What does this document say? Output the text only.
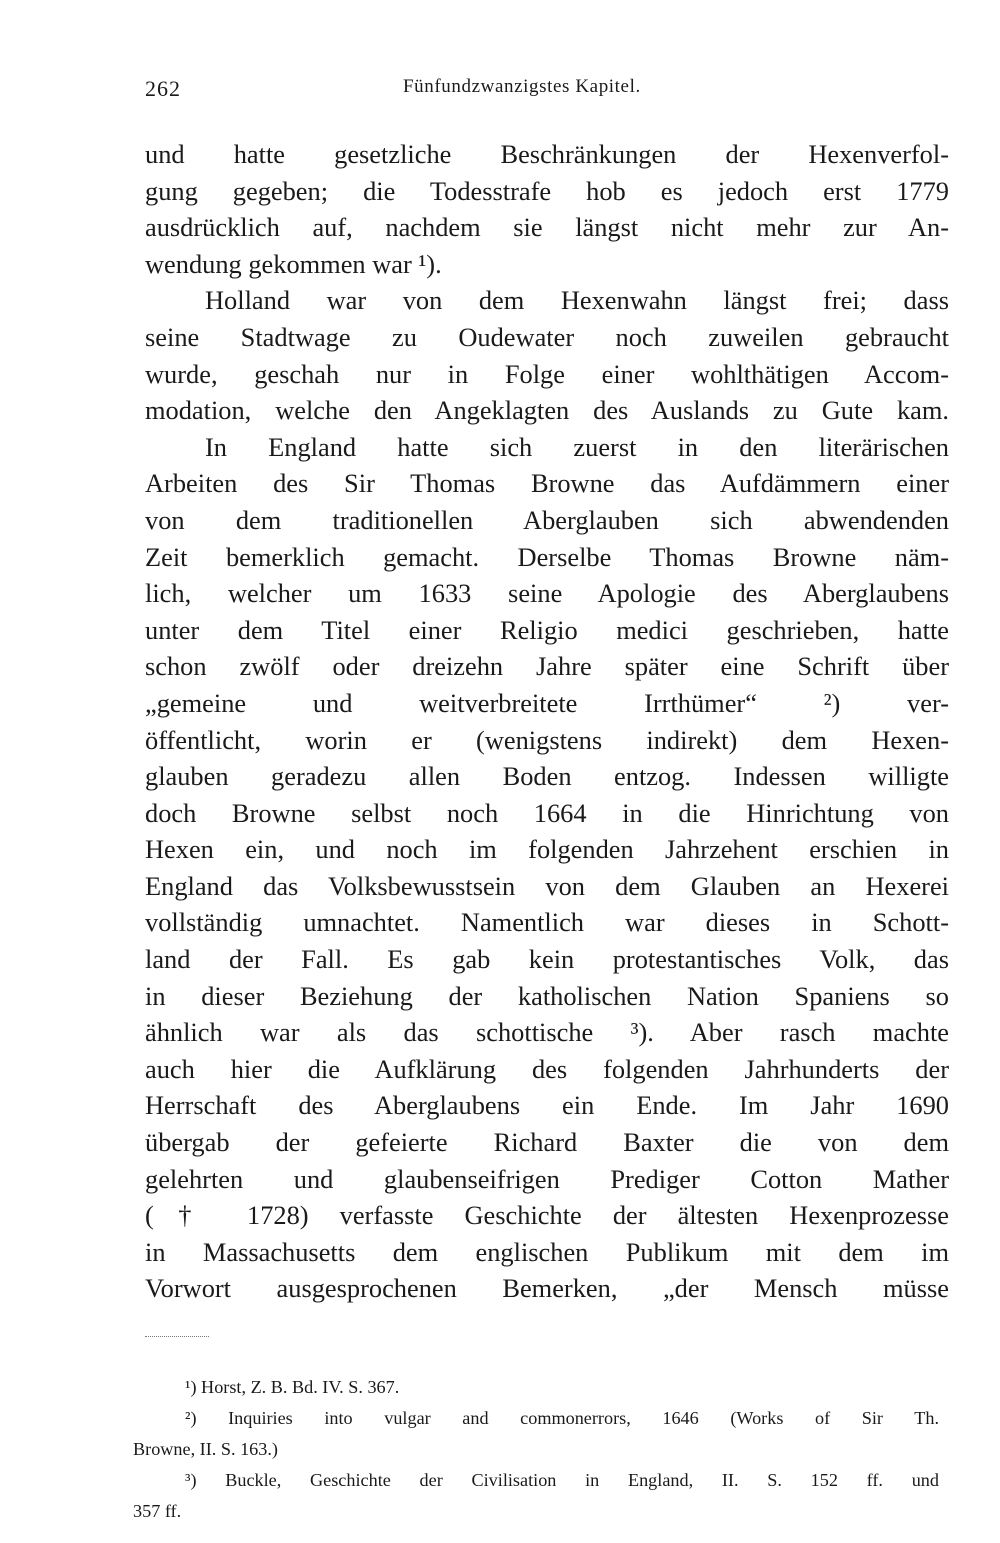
262	Fünfundzwanzigstes Kapitel.
und hatte gesetzliche Beschränkungen der Hexenverfol-
gung gegeben; die Todesstrafe hob es jedoch erst 1779
ausdrücklich auf, nachdem sie längst nicht mehr zur An-
wendung gekommen war ¹).
Holland war von dem Hexenwahn längst frei; dass
seine Stadtwage zu Oudewater noch zuweilen gebraucht
wurde, geschah nur in Folge einer wohlthätigen Accom-
modation, welche den Angeklagten des Auslands zu Gute kam.
In England hatte sich zuerst in den literärischen
Arbeiten des Sir Thomas Browne das Aufdämmern einer
von dem traditionellen Aberglauben sich abwendenden
Zeit bemerklich gemacht. Derselbe Thomas Browne näm-
lich, welcher um 1633 seine Apologie des Aberglaubens
unter dem Titel einer Religio medici geschrieben, hatte
schon zwölf oder dreizehn Jahre später eine Schrift über
„gemeine und weitverbreitete Irrthümer“ ²) ver-
öffentlicht, worin er (wenigstens indirekt) dem Hexen-
glauben geradezu allen Boden entzog. Indessen willigte
doch Browne selbst noch 1664 in die Hinrichtung von
Hexen ein, und noch im folgenden Jahrzehent erschien in
England das Volksbewusstsein von dem Glauben an Hexerei
vollständig umnachtet. Namentlich war dieses in Schott-
land der Fall. Es gab kein protestantisches Volk, das
in dieser Beziehung der katholischen Nation Spaniens so
ähnlich war als das schottische ³). Aber rasch machte
auch hier die Aufklärung des folgenden Jahrhunderts der
Herrschaft des Aberglaubens ein Ende. Im Jahr 1690
übergab der gefeierte Richard Baxter die von dem
gelehrten und glaubenseifrigen Prediger Cotton Mather
(† 1728) verfasste Geschichte der ältesten Hexenprozesse
in Massachusetts dem englischen Publikum mit dem im
Vorwort ausgesprochenen Bemerken, „der Mensch müsse
¹) Horst, Z. B. Bd. IV. S. 367.
²) Inquiries into vulgar and commonerrors, 1646 (Works of Sir Th.
Browne, II. S. 163.)
³) Buckle, Geschichte der Civilisation in England, II. S. 152 ff. und
357 ff.
